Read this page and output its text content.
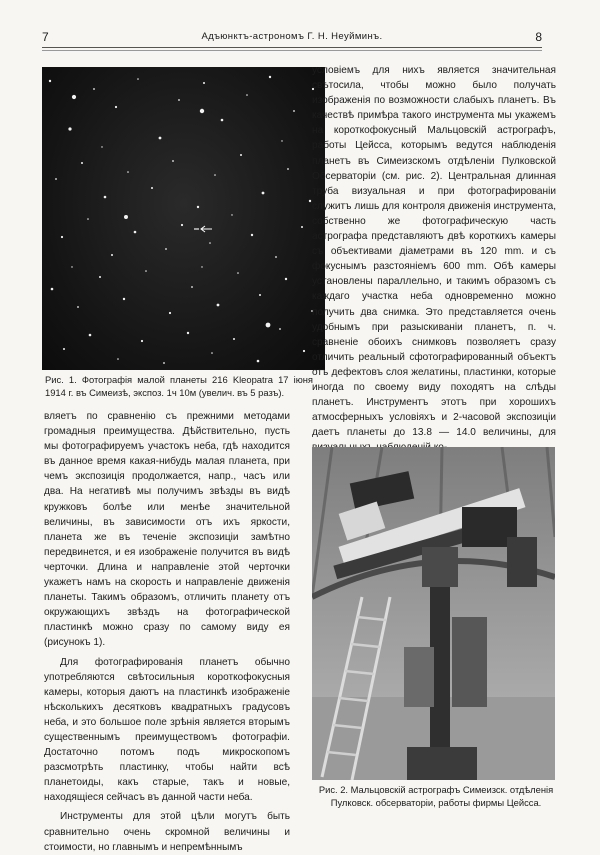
7	Адъюнктъ-астрономъ Г. Н. Неуйминъ.	8
Рис. 1. Фотографія малой планеты 216 Kleopatra 17 іюня 1914 г. въ Симеизѣ, экспоз. 1ч 10м (увелич. въ 5 разъ).

условіемъ для нихъ является значительная свѣтосила, чтобы можно было получать изображенія по возможности слабыхъ планетъ. Въ качествѣ примѣра такого инструмента мы укажемъ на короткофокусный Мальцовскій астрографъ, работы Цейсса, которымъ ведутся наблюденія планетъ въ Симеизскомъ отдѣленіи Пулковской Обсерваторіи (см. рис. 2). Центральная длинная труба визуальная и при фотографированіи служитъ лишь для контроля движенія инструмента, собственно же фотографическую часть астрографа представляютъ двѣ короткихъ камеры съ объективами діаметрами въ 120 mm. и съ фокуснымъ разстояніемъ 600 mm. Обѣ камеры установлены параллельно, и такимъ образомъ съ каждаго участка неба одновременно можно получить два снимка. Это представляется очень удобнымъ при разыскиваніи планетъ, п. ч. сравненіе обоихъ снимковъ позволяетъ сразу отличить реальный сфотографированный объектъ отъ дефектовъ слоя желатины, пластинки, которые иногда по своему виду походятъ на слѣды планетъ. Инструментъ этотъ при хорошихъ атмосферныхъ условіяхъ и 2-часовой экспозиціи даетъ планеты до 13.8 — 14.0 величины, для

вляетъ по сравненію съ прежними методами громадныя преимущества. Дѣйствительно, пусть мы фотографируемъ участокъ неба, гдѣ находится въ данное время какая-нибудь малая планета, при чемъ экспозиція продолжается, напр., часъ или два. На негативѣ мы получимъ звѣзды въ видѣ кружковъ болѣе или менѣе значительной величины, въ зависимости отъ ихъ яркости, планета же въ теченіе экспозиціи замѣтно передвинется, и ея изображеніе получится въ видѣ черточки. Длина и направленіе этой черточки укажетъ намъ на скорость и направленіе движенія планеты. Такимъ образомъ, отличить планету отъ окружающихъ звѣздъ на фотографической пластинкѣ можно сразу по самому виду ея (рисунокъ 1).

Для фотографированія планетъ обычно употребляются свѣтосильныя короткофокусныя камеры, которыя даютъ на пластинкѣ изображеніе нѣсколькихъ десятковъ квадратныхъ градусовъ неба, и это большое поле зрѣнія является вторымъ существеннымъ преимуществомъ фотографіи. Достаточно потомъ подъ микроскопомъ разсмотрѣть пластинку, чтобы найти всѣ планетоиды, какъ старые, такъ и новые, находящіеся сейчасъ въ данной части неба.

Инструменты для этой цѣли могутъ быть сравнительно очень скромной величины и стоимости, но главнымъ и непремѣннымъ

Рис. 2. Мальцовскій астрографъ Симеизск. отдѣленія Пулковск. обсерваторіи, работы фирмы Цейсса.
